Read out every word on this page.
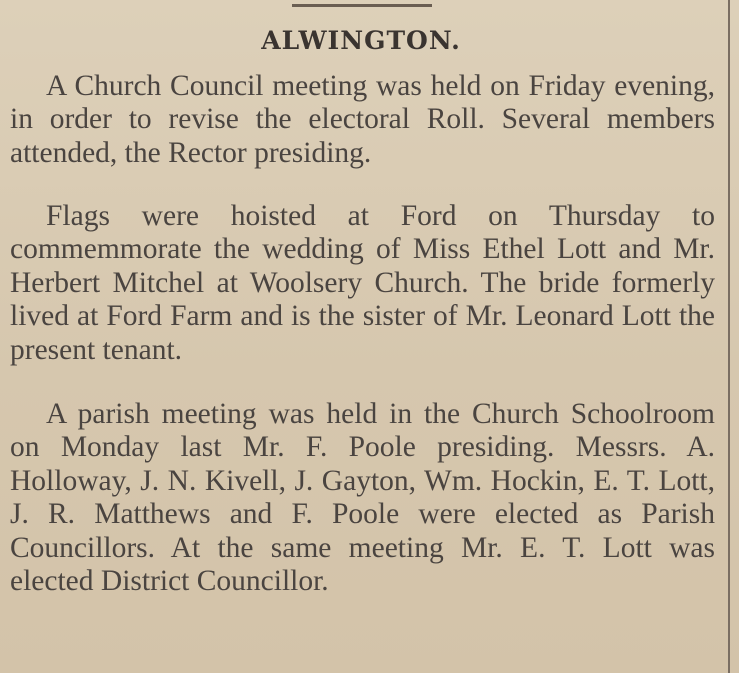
ALWINGTON.

A Church Council meeting was held on Friday evening, in order to revise the electoral Roll. Several members attended, the Rector presiding.

Flags were hoisted at Ford on Thursday to commemmorate the wedding of Miss Ethel Lott and Mr. Herbert Mitchel at Woolsery Church. The bride formerly lived at Ford Farm and is the sister of Mr. Leonard Lott the present tenant.

A parish meeting was held in the Church Schoolroom on Monday last Mr. F. Poole presiding. Messrs. A. Holloway, J. N. Kivell, J. Gayton, Wm. Hockin, E. T. Lott, J. R. Matthews and F. Poole were elected as Parish Councillors. At the same meeting Mr. E. T. Lott was elected District Councillor.
